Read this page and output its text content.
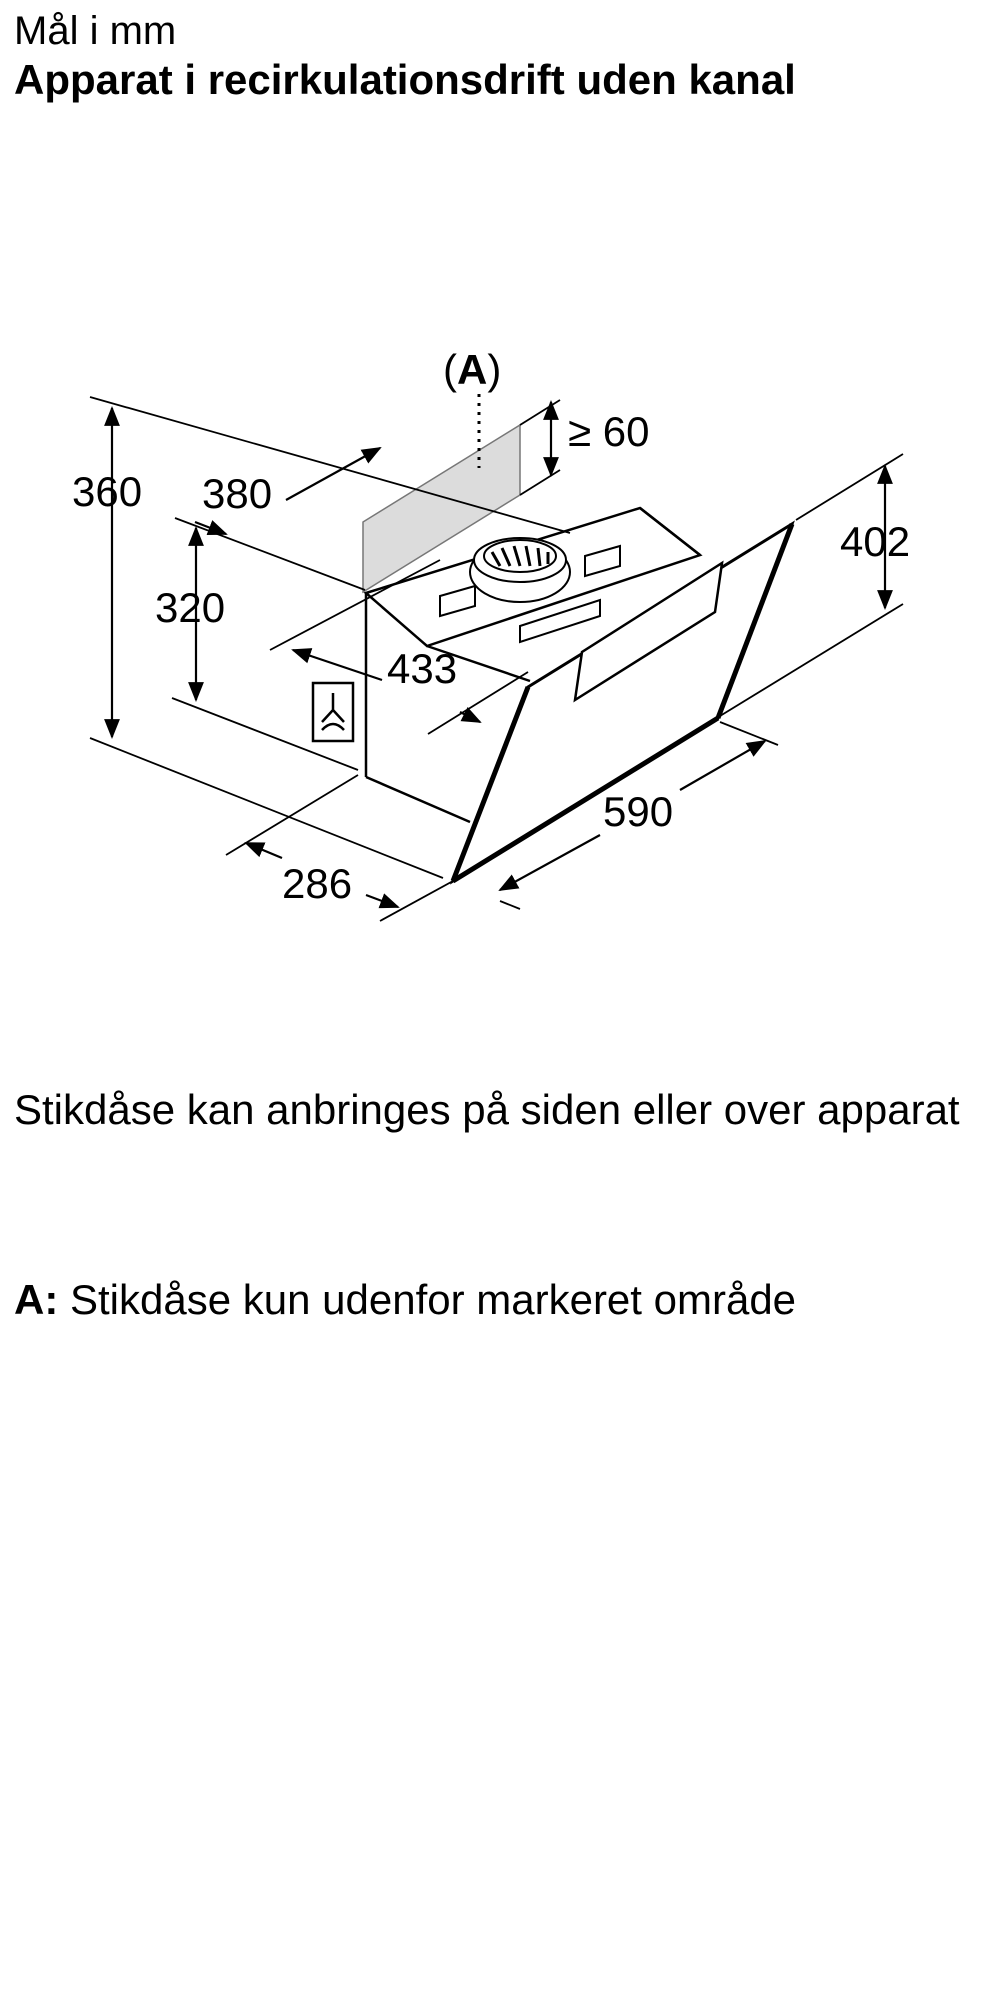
Mål i mm
Apparat i recirkulationsdrift uden kanal
(A)
≥ 60
360 380
320
433
402
590
286
Stikdåse kan anbringes på siden eller over apparat
A: Stikdåse kun udenfor markeret område
